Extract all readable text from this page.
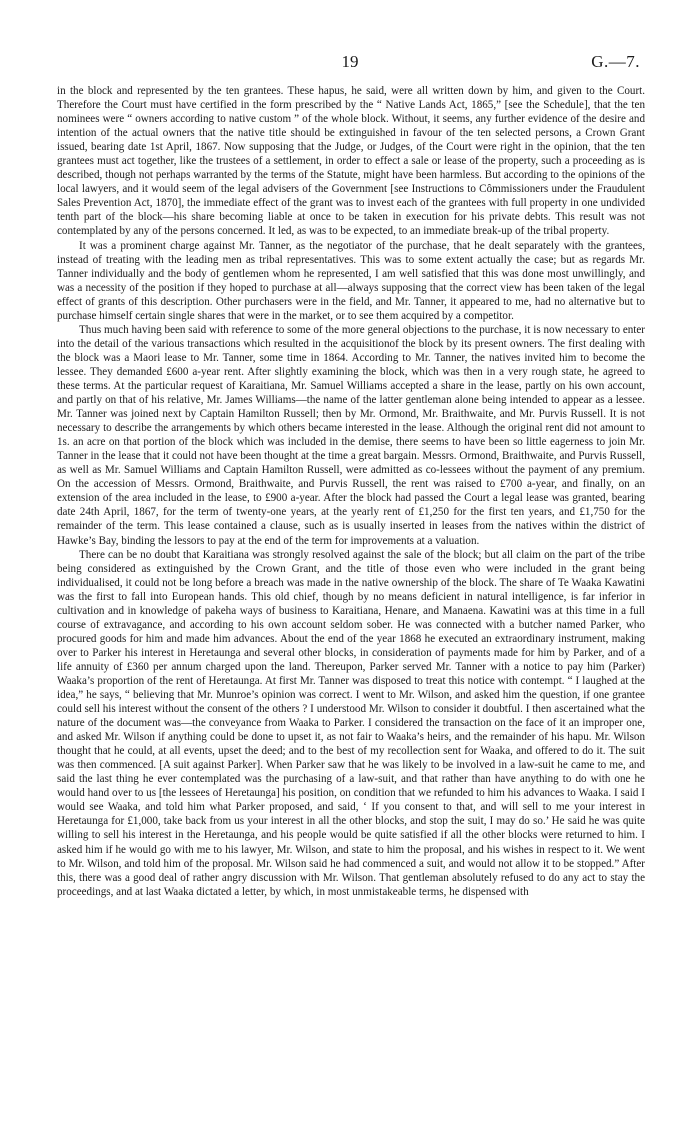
19	G.—7.

in the block and represented by the ten grantees. These hapus, he said, were all written down by him, and given to the Court. Therefore the Court must have certified in the form prescribed by the “ Native Lands Act, 1865,” [see the Schedule], that the ten nominees were “ owners according to native custom ” of the whole block. Without, it seems, any further evidence of the desire and intention of the actual owners that the native title should be extinguished in favour of the ten selected persons, a Crown Grant issued, bearing date 1st April, 1867. Now supposing that the Judge, or Judges, of the Court were right in the opinion, that the ten grantees must act together, like the trustees of a settlement, in order to effect a sale or lease of the property, such a proceeding as is described, though not perhaps warranted by the terms of the Statute, might have been harmless. But according to the opinions of the local lawyers, and it would seem of the legal advisers of the Government [see Instructions to Cômmissioners under the Fraudulent Sales Prevention Act, 1870], the immediate effect of the grant was to invest each of the grantees with full property in one undivided tenth part of the block—his share becoming liable at once to be taken in execution for his private debts. This result was not contemplated by any of the persons concerned. It led, as was to be expected, to an immediate break-up of the tribal property.

It was a prominent charge against Mr. Tanner, as the negotiator of the purchase, that he dealt separately with the grantees, instead of treating with the leading men as tribal representatives. This was to some extent actually the case; but as regards Mr. Tanner individually and the body of gentlemen whom he represented, I am well satisfied that this was done most unwillingly, and was a necessity of the position if they hoped to purchase at all—always supposing that the correct view has been taken of the legal effect of grants of this description. Other purchasers were in the field, and Mr. Tanner, it appeared to me, had no alternative but to purchase himself certain single shares that were in the market, or to see them acquired by a competitor.

Thus much having been said with reference to some of the more general objections to the purchase, it is now necessary to enter into the detail of the various transactions which resulted in the acquisitionof the block by its present owners. The first dealing with the block was a Maori lease to Mr. Tanner, some time in 1864. According to Mr. Tanner, the natives invited him to become the lessee. They demanded £600 a-year rent. After slightly examining the block, which was then in a very rough state, he agreed to these terms. At the particular request of Karaitiana, Mr. Samuel Williams accepted a share in the lease, partly on his own account, and partly on that of his relative, Mr. James Williams—the name of the latter gentleman alone being intended to appear as a lessee. Mr. Tanner was joined next by Captain Hamilton Russell; then by Mr. Ormond, Mr. Braithwaite, and Mr. Purvis Russell. It is not necessary to describe the arrangements by which others became interested in the lease. Although the original rent did not amount to 1s. an acre on that portion of the block which was included in the demise, there seems to have been so little eagerness to join Mr. Tanner in the lease that it could not have been thought at the time a great bargain. Messrs. Ormond, Braithwaite, and Purvis Russell, as well as Mr. Samuel Williams and Captain Hamilton Russell, were admitted as co-lessees without the payment of any premium. On the accession of Messrs. Ormond, Braithwaite, and Purvis Russell, the rent was raised to £700 a-year, and finally, on an extension of the area included in the lease, to £900 a-year. After the block had passed the Court a legal lease was granted, bearing date 24th April, 1867, for the term of twenty-one years, at the yearly rent of £1,250 for the first ten years, and £1,750 for the remainder of the term. This lease contained a clause, such as is usually inserted in leases from the natives within the district of Hawke’s Bay, binding the lessors to pay at the end of the term for improvements at a valuation.

There can be no doubt that Karaitiana was strongly resolved against the sale of the block; but all claim on the part of the tribe being considered as extinguished by the Crown Grant, and the title of those even who were included in the grant being individualised, it could not be long before a breach was made in the native ownership of the block. The share of Te Waaka Kawatini was the first to fall into European hands. This old chief, though by no means deficient in natural intelligence, is far inferior in cultivation and in knowledge of pakeha ways of business to Karaitiana, Henare, and Manaena. Kawatini was at this time in a full course of extravagance, and according to his own account seldom sober. He was connected with a butcher named Parker, who procured goods for him and made him advances. About the end of the year 1868 he executed an extraordinary instrument, making over to Parker his interest in Heretaunga and several other blocks, in consideration of payments made for him by Parker, and of a life annuity of £360 per annum charged upon the land. Thereupon, Parker served Mr. Tanner with a notice to pay him (Parker) Waaka’s proportion of the rent of Heretaunga. At first Mr. Tanner was disposed to treat this notice with contempt. “ I laughed at the idea,” he says, “ believing that Mr. Munroe’s opinion was correct. I went to Mr. Wilson, and asked him the question, if one grantee could sell his interest without the consent of the others ? I understood Mr. Wilson to consider it doubtful. I then ascertained what the nature of the document was—the conveyance from Waaka to Parker. I considered the transaction on the face of it an improper one, and asked Mr. Wilson if anything could be done to upset it, as not fair to Waaka’s heirs, and the remainder of his hapu. Mr. Wilson thought that he could, at all events, upset the deed; and to the best of my recollection sent for Waaka, and offered to do it. The suit was then commenced. [A suit against Parker]. When Parker saw that he was likely to be involved in a law-suit he came to me, and said the last thing he ever contemplated was the purchasing of a law-suit, and that rather than have anything to do with one he would hand over to us [the lessees of Heretaunga] his position, on condition that we refunded to him his advances to Waaka. I said I would see Waaka, and told him what Parker proposed, and said, ‘ If you consent to that, and will sell to me your interest in Heretaunga for £1,000, take back from us your interest in all the other blocks, and stop the suit, I may do so.’ He said he was quite willing to sell his interest in the Heretaunga, and his people would be quite satisfied if all the other blocks were returned to him. I asked him if he would go with me to his lawyer, Mr. Wilson, and state to him the proposal, and his wishes in respect to it. We went to Mr. Wilson, and told him of the proposal. Mr. Wilson said he had commenced a suit, and would not allow it to be stopped.” After this, there was a good deal of rather angry discussion with Mr. Wilson. That gentleman absolutely refused to do any act to stay the proceedings, and at last Waaka dictated a letter, by which, in most unmistakeable terms, he dispensed with
